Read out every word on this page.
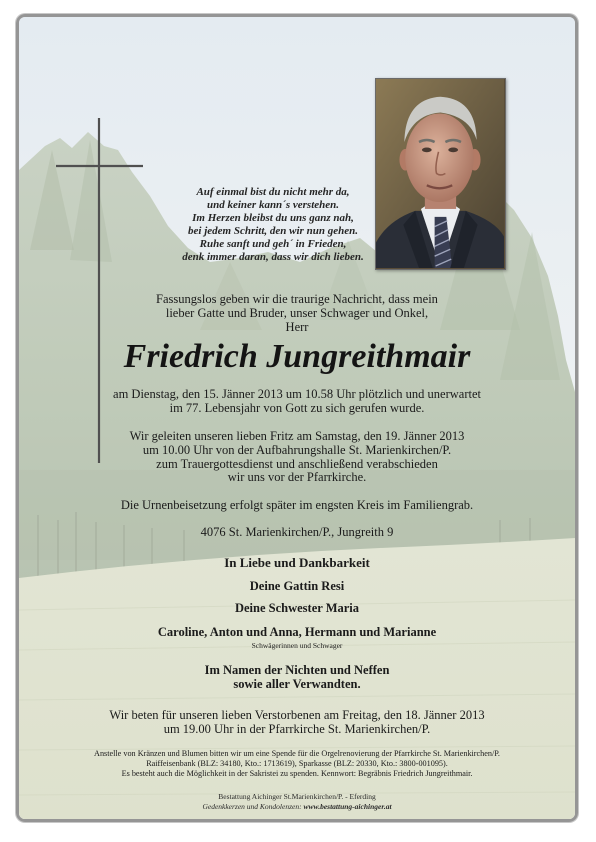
Auf einmal bist du nicht mehr da,
und keiner kann´s verstehen.
Im Herzen bleibst du uns ganz nah,
bei jedem Schritt, den wir nun gehen.
Ruhe sanft und geh´ in Frieden,
denk immer daran, dass wir dich lieben.
Fassungslos geben wir die traurige Nachricht, dass mein
lieber Gatte und Bruder, unser Schwager und Onkel,
Herr
Friedrich Jungreithmair
am Dienstag, den 15. Jänner 2013 um 10.58 Uhr plötzlich und unerwartet
im 77. Lebensjahr von Gott zu sich gerufen wurde.
Wir geleiten unseren lieben Fritz am Samstag, den 19. Jänner 2013
um 10.00 Uhr von der Aufbahrungshalle St. Marienkirchen/P.
zum Trauergottesdienst und anschließend verabschieden
wir uns vor der Pfarrkirche.
Die Urnenbeisetzung erfolgt später im engsten Kreis im Familiengrab.
4076 St. Marienkirchen/P., Jungreith 9
In Liebe und Dankbarkeit
Deine Gattin Resi
Deine Schwester Maria
Caroline, Anton und Anna, Hermann und Marianne
Schwägerinnen und Schwager
Im Namen der Nichten und Neffen
sowie aller Verwandten.
Wir beten für unseren lieben Verstorbenen am Freitag, den 18. Jänner 2013
um 19.00 Uhr in der Pfarrkirche St. Marienkirchen/P.
Anstelle von Kränzen und Blumen bitten wir um eine Spende für die Orgelrenovierung der Pfarrkirche St. Marienkirchen/P.
Raiffeisenbank (BLZ: 34180, Kto.: 1713619), Sparkasse (BLZ: 20330, Kto.: 3800-001095).
Es besteht auch die Möglichkeit in der Sakristei zu spenden. Kennwort: Begräbnis Friedrich Jungreithmair.
Bestattung Aichinger St.Marienkirchen/P. - Eferding
Gedenkkerzen und Kondolenzen: www.bestattung-aichinger.at
